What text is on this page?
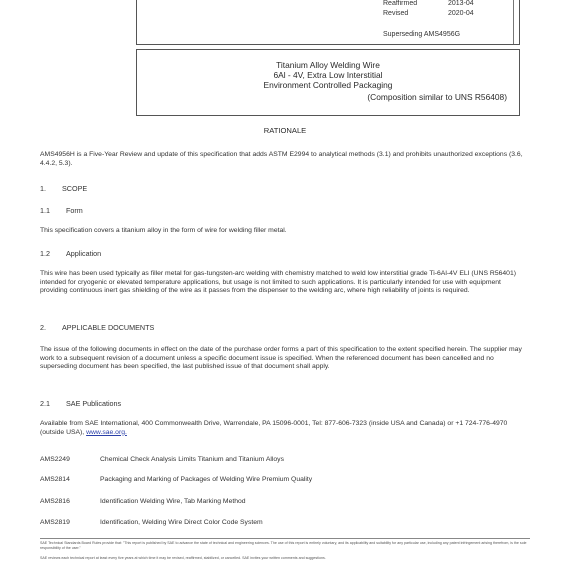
Reaffirmed	2013-04
Revised	2020-04
Superseding AMS4956G
Titanium Alloy Welding Wire
6Al - 4V, Extra Low Interstitial
Environment Controlled Packaging
(Composition similar to UNS R56408)
RATIONALE
AMS4956H is a Five-Year Review and update of this specification that adds ASTM E2994 to analytical methods (3.1) and prohibits unauthorized exceptions (3.6, 4.4.2, 5.3).
1. SCOPE
1.1 Form
This specification covers a titanium alloy in the form of wire for welding filler metal.
1.2 Application
This wire has been used typically as filler metal for gas-tungsten-arc welding with chemistry matched to weld low interstitial grade Ti-6Al-4V ELI (UNS R56401) intended for cryogenic or elevated temperature applications, but usage is not limited to such applications. It is particularly intended for use with equipment providing continuous inert gas shielding of the wire as it passes from the dispenser to the welding arc, where high reliability of joints is required.
2. APPLICABLE DOCUMENTS
The issue of the following documents in effect on the date of the purchase order forms a part of this specification to the extent specified herein. The supplier may work to a subsequent revision of a document unless a specific document issue is specified. When the referenced document has been cancelled and no superseding document has been specified, the last published issue of that document shall apply.
2.1 SAE Publications
Available from SAE International, 400 Commonwealth Drive, Warrendale, PA 15096-0001, Tel: 877-606-7323 (inside USA and Canada) or +1 724-776-4970 (outside USA), www.sae.org.
AMS2249	Chemical Check Analysis Limits Titanium and Titanium Alloys
AMS2814	Packaging and Marking of Packages of Welding Wire Premium Quality
AMS2816	Identification Welding Wire, Tab Marking Method
AMS2819	Identification, Welding Wire Direct Color Code System
SAE Technical Standards Board Rules provide that: "This report is published by SAE to advance the state of technical and engineering sciences. The use of this report is entirely voluntary, and its applicability and suitability for any particular use, including any patent infringement arising therefrom, is the sole responsibility of the user."
SAE reviews each technical report at least every five years at which time it may be revised, reaffirmed, stabilized, or cancelled. SAE invites your written comments and suggestions.
